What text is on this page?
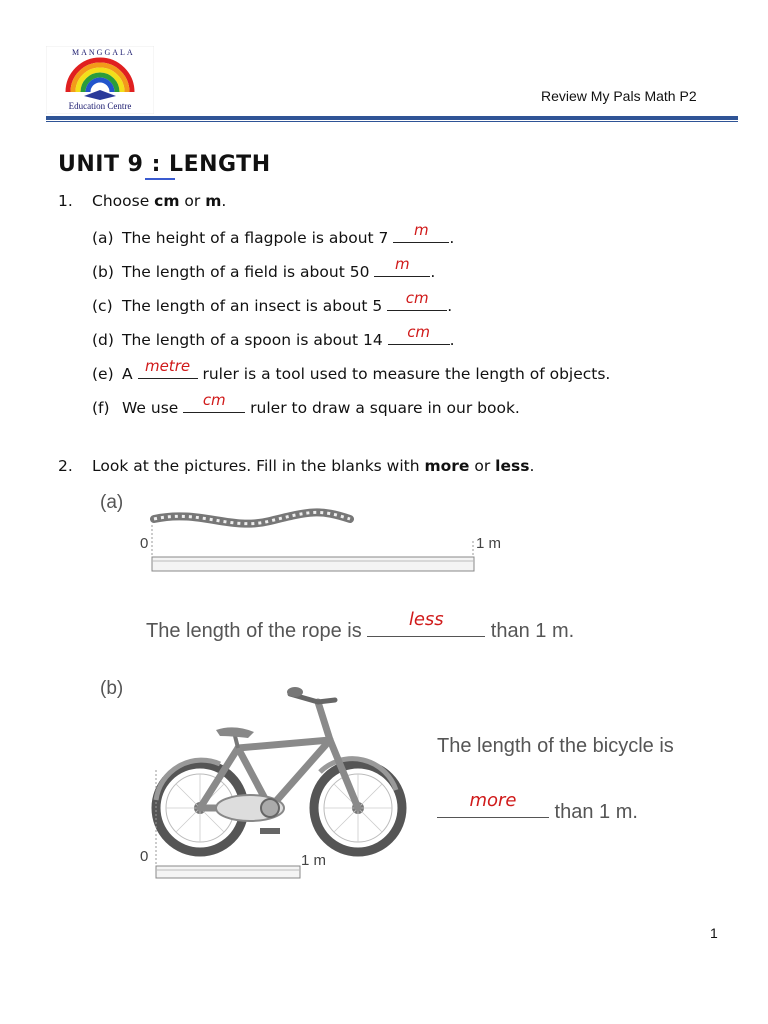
MANGGALA
Education Centre
Review My Pals Math P2
UNIT 9 : LENGTH
1. Choose cm or m.
(a) The height of a flagpole is about 7	m	.
(b) The length of a field is about 50	m	.
(c) The length of an insect is about 5	cm	.
(d) The length of a spoon is about 14	cm	.
(e) A metre ruler is a tool used to measure the length of objects.
(f) We use	cm	ruler to draw a square in our book.
2. Look at the pictures. Fill in the blanks with more or less.
(a)
0	1 m
The length of the rope is
less
than 1 m.
(b)
0	1 m
The length of the bicycle is
more
than 1 m.
1
